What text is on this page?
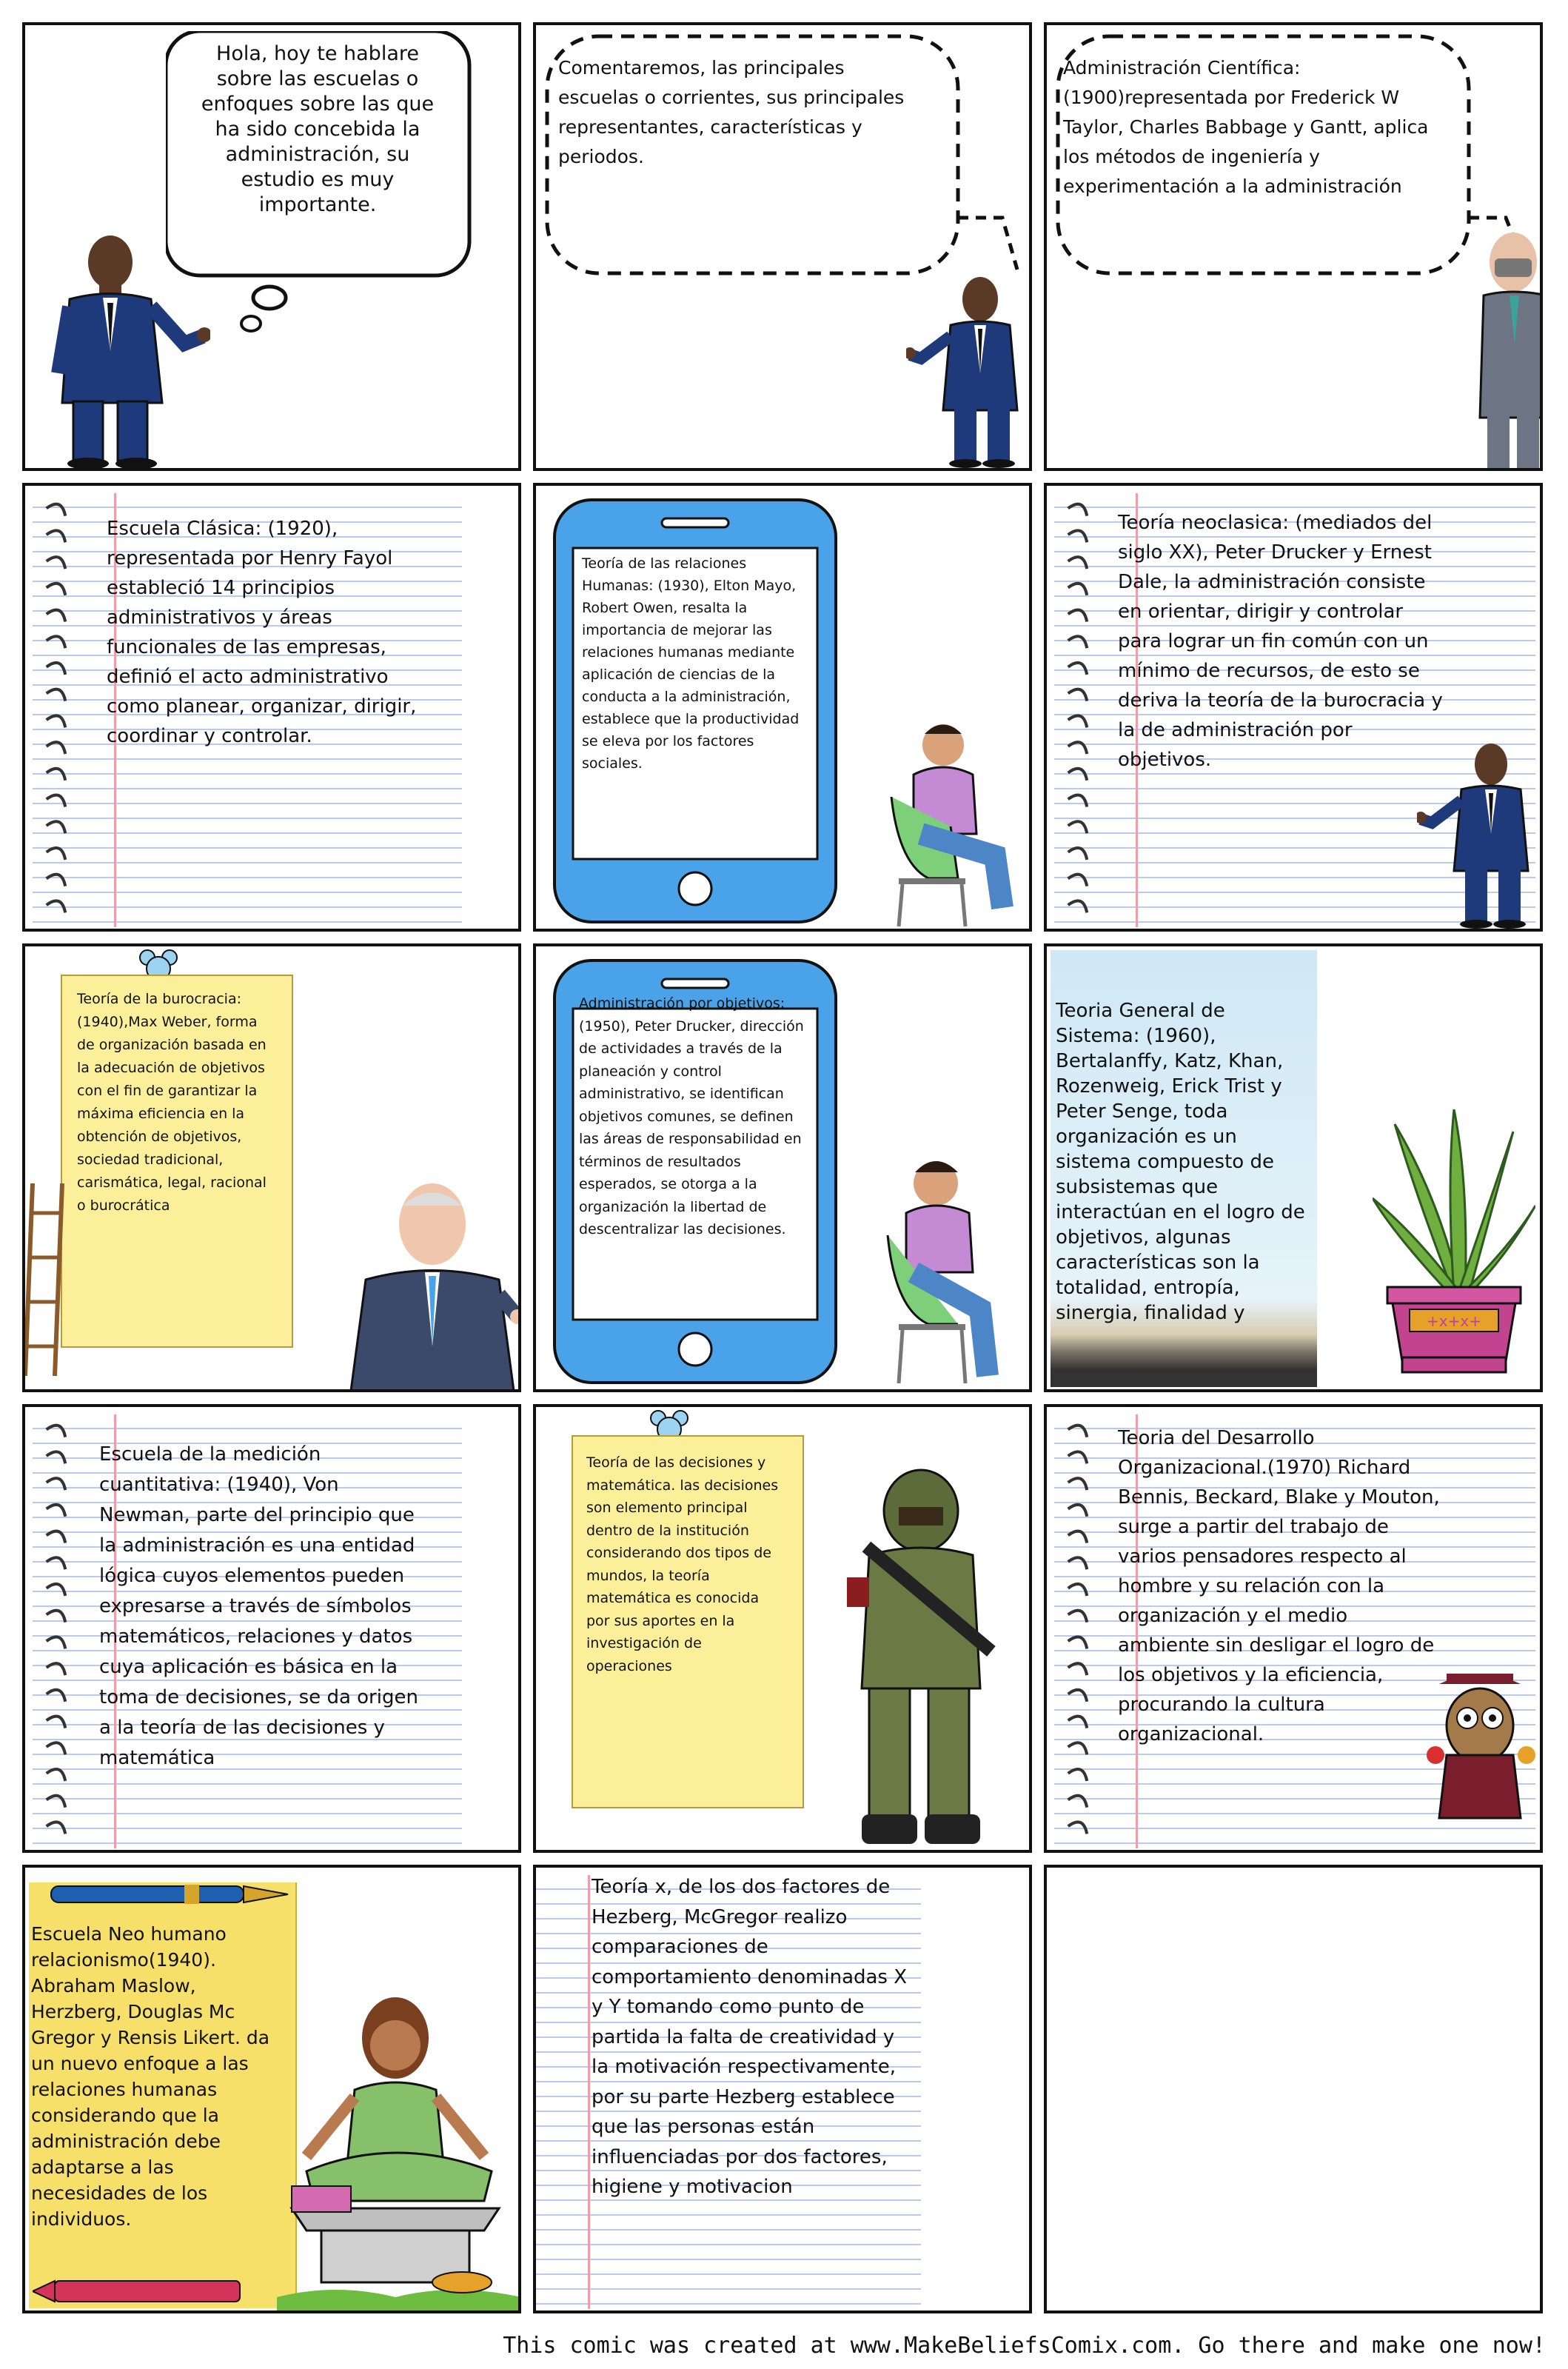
Hola, hoy te hablare sobre las escuelas o enfoques sobre las que ha sido concebida la administración, su estudio es muy importante.
Comentaremos, las principales escuelas o corrientes, sus principales representantes, características y periodos.
Administración Científica: (1900)representada por Frederick W Taylor, Charles Babbage y Gantt, aplica los métodos de ingeniería y experimentación a la administración
Escuela Clásica: (1920), representada por Henry Fayol estableció 14 principios administrativos y áreas funcionales de las empresas, definió el acto administrativo como planear, organizar, dirigir, coordinar y controlar.
Teoría de las relaciones Humanas: (1930), Elton Mayo, Robert Owen, resalta la importancia de mejorar las relaciones humanas mediante aplicación de ciencias de la conducta a la administración, establece que la productividad se eleva por los factores sociales.
Teoría neoclasica: (mediados del siglo XX), Peter Drucker y Ernest Dale, la administración consiste en orientar, dirigir y controlar para lograr un fin común con un mínimo de recursos, de esto se deriva la teoría de la burocracia y la de administración por objetivos.
Teoría de la burocracia: (1940),Max Weber, forma de organización basada en la adecuación de objetivos con el fin de garantizar la máxima eficiencia en la obtención de objetivos, sociedad tradicional, carismática, legal, racional o burocrática
Administración por objetivos: (1950), Peter Drucker, dirección de actividades a través de la planeación y control administrativo, se identifican objetivos comunes, se definen las áreas de responsabilidad en términos de resultados esperados, se otorga a la organización la libertad de descentralizar las decisiones.
Teoria General de Sistema: (1960), Bertalanffy, Katz, Khan, Rozenweig, Erick Trist y Peter Senge, toda organización es un sistema compuesto de subsistemas que interactúan en el logro de objetivos, algunas características son la totalidad, entropía, sinergia, finalidad y	+x+x+
Escuela de la medición cuantitativa: (1940), Von Newman, parte del principio que la administración es una entidad lógica cuyos elementos pueden expresarse a través de símbolos matemáticos, relaciones y datos cuya aplicación es básica en la toma de decisiones, se da origen a la teoría de las decisiones y matemática
Teoría de las decisiones y matemática. las decisiones son elemento principal dentro de la institución considerando dos tipos de mundos, la teoría matemática es conocida por sus aportes en la investigación de operaciones
Teoria del Desarrollo Organizacional.(1970) Richard Bennis, Beckard, Blake y Mouton, surge a partir del trabajo de varios pensadores respecto al hombre y su relación con la organización y el medio ambiente sin desligar el logro de los objetivos y la eficiencia, procurando la cultura organizacional.
Escuela Neo humano relacionismo(1940). Abraham Maslow, Herzberg, Douglas Mc Gregor y Rensis Likert. da un nuevo enfoque a las relaciones humanas considerando que la administración debe adaptarse a las necesidades de los individuos.
Teoría x, de los dos factores de Hezberg, McGregor realizo comparaciones de comportamiento denominadas X y Y tomando como punto de partida la falta de creatividad y la motivación respectivamente, por su parte Hezberg establece que las personas están influenciadas por dos factores, higiene y motivacion
This comic was created at www.MakeBeliefsComix.com. Go there and make one now!
